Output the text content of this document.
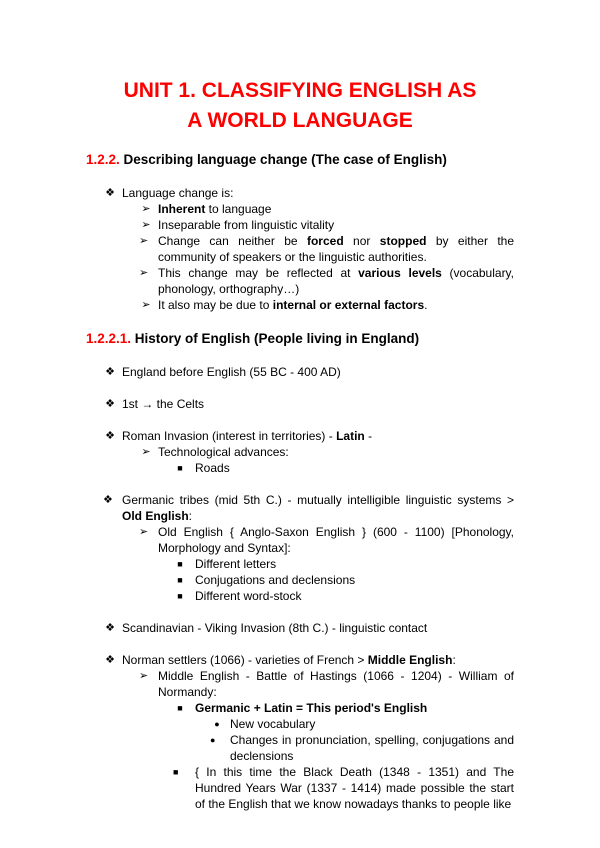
UNIT 1. CLASSIFYING ENGLISH AS
A WORLD LANGUAGE
1.2.2. Describing language change (The case of English)
❖ Language change is:
➢ Inherent to language
➢ Inseparable from linguistic vitality
➢ Change can neither be forced nor stopped by either the community of speakers or the linguistic authorities.
➢ This change may be reflected at various levels (vocabulary, phonology, orthography…)
➢ It also may be due to internal or external factors.
1.2.2.1. History of English (People living in England)
❖ England before English (55 BC - 400 AD)
❖ 1st → the Celts
❖ Roman Invasion (interest in territories) - Latin -
➢ Technological advances:
■	Roads
❖ Germanic tribes (mid 5th C.) - mutually intelligible linguistic systems > Old English:
➢ Old English { Anglo-Saxon English } (600 - 1100) [Phonology, Morphology and Syntax]:
■	Different letters
■	Conjugations and declensions
■	Different word-stock
❖ Scandinavian - Viking Invasion (8th C.) - linguistic contact
❖ Norman settlers (1066) - varieties of French > Middle English:
➢ Middle English - Battle of Hastings (1066 - 1204) - William of Normandy:
■	Germanic + Latin = This period's English
● New vocabulary
●	Changes in pronunciation, spelling, conjugations and declensions
■	{ In this time the Black Death (1348 - 1351) and The Hundred Years War (1337 - 1414) made possible the start of the English that we know nowadays thanks to people like
